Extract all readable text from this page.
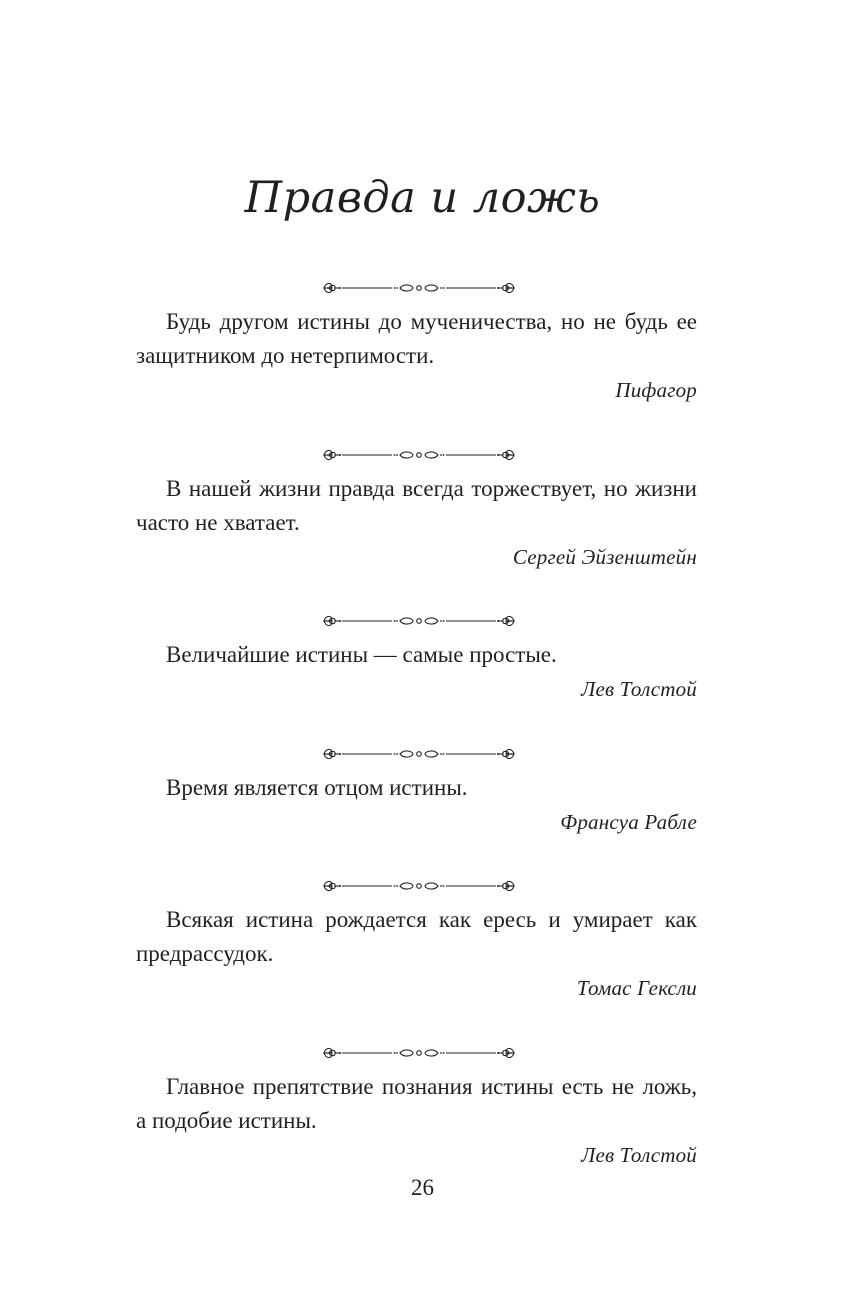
Правда и ложь

Будь другом истины до мученичества, но не будь ее защитником до нетерпимости.

Пифагор

В нашей жизни правда всегда торжествует, но жизни часто не хватает.

Сергей Эйзенштейн

Величайшие истины — самые простые.

Лев Толстой

Время является отцом истины.

Франсуа Рабле

Всякая истина рождается как ересь и умирает как предрассудок.

Томас Гексли

Главное препятствие познания истины есть не ложь, а подобие истины.

Лев Толстой
26
